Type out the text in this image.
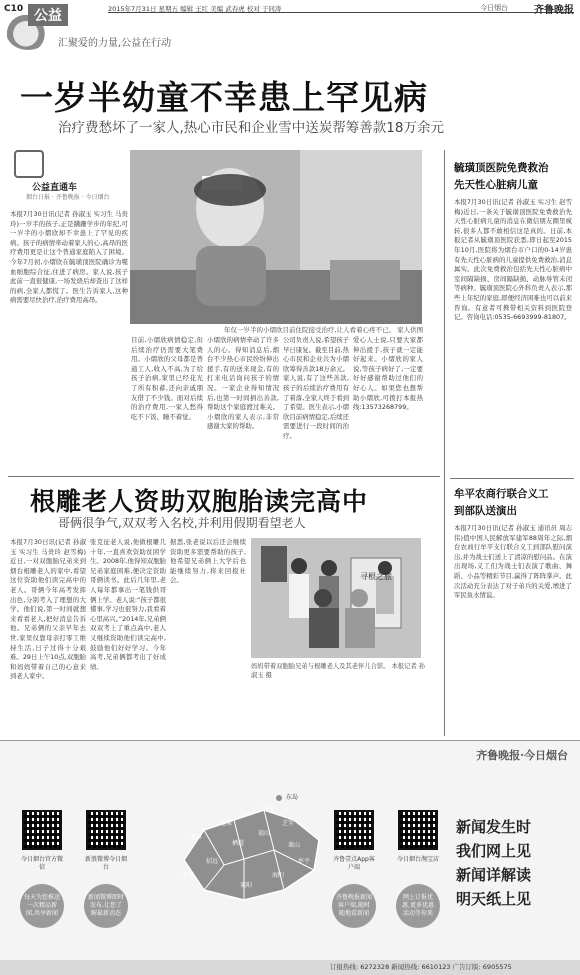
C10 公益	2015年7月31日 星期五 编辑 王红 美编 武春虎 校对 于同涛	今日烟台	齐鲁晚报
汇聚爱的力量,公益在行动
一岁半幼童不幸患上罕见病
治疗费愁坏了一家人,热心市民和企业雪中送炭帮筹善款18万余元
公益直通车
烟台日报 · 齐鲁晚报 · 今日烟台
年仅一岁半的小熠欣目前住院接受治疗,让人看着心疼不已。 家人供图
本报7月30日讯(记者 孙淑玉 实习生 马贵玲)一岁半的孩子,正是蹒跚学步的年纪,可一岁半的小熠欣却不幸患上了罕见的疾病。孩子的病情牵动着家人的心,高昂的医疗费用更是让这个普通家庭陷入了困境。今年7月初,小熠欣在毓璜顶医院确诊为噬血细胞综合征,住进了病房。家人说,孩子此前一直很健康,一场发烧后却查出了这样的病,全家人都慌了。医生告诉家人,这种病需要尽快治疗,治疗费用高昂。
目前,小熠欣病情稳定,但后续治疗仍需要大笔费用。小熠欣的父母都是普通工人,收入不高,为了给孩子治病,家里已经花光了所有积蓄,还向亲戚朋友借了不少钱。面对后续的治疗费用,一家人愁得吃不下饭、睡不着觉。
小熠欣的病情牵动了许多人的心。得知消息后,烟台不少热心市民纷纷伸出援手,有的送来现金,有的打来电话询问孩子的情况。一家企业得知情况后,也第一时间捐出善款,帮助这个家庭渡过难关。小熠欣的家人表示,非常感谢大家的帮助。
公司负责人说,希望孩子早日康复。截至目前,热心市民和企业共为小熠欣筹得善款18万余元。家人说,有了这些善款,孩子的后续治疗费用有了着落,全家人终于看到了希望。医生表示,小熠欣目前病情稳定,后续还需要进行一段时间的治疗。
爱心人士说,只要大家都伸出援手,孩子就一定能好起来。小熠欣的家人说,等孩子病好了,一定要好好感谢帮助过他们的好心人。如果您也想帮助小熠欣,可拨打本报热线:13573268799。
毓璜顶医院免费救治
先天性心脏病儿童
本报7月30日讯(记者 孙淑玉 实习生 赵雪梅)近日,一条关于毓璜顶医院免费救治先天性心脏病儿童的消息在微信朋友圈里疯转,很多人都不敢相信这是真的。日前,本报记者从毓璜顶医院获悉,即日起至2015年10月,医院将为烟台市户口的0-14岁患有先天性心脏病的儿童提供免费救治,消息属实。此次免费救治包括先天性心脏病中室间隔缺损、房间隔缺损、动脉导管未闭等病种。毓璜顶医院心外科负责人表示,那些上年纪的家庭,即便经济困难也可以前来咨询。有意者可携带相关资料到医院登记。咨询电话:0535-6693999-81807。
牟平农商行联合义工
到部队送演出
本报7月30日讯(记者 孙淑玉 通讯员 周志伟)值中国人民解放军建军88周年之际,烟台农商行牟平支行联合义工到部队慰问演出,并为战士们送上了清凉的慰问品。在演出现场,义工们为战士们表演了歌曲、舞蹈、小品等精彩节目,赢得了阵阵掌声。此次活动充分表达了对子弟兵的关爱,增进了军民鱼水情谊。
根雕老人资助双胞胎读完高中
哥俩很争气,双双考入名校,并利用假期看望老人
本报7月30日讯(记者 孙淑玉 实习生 马贵玲 赵雪梅)近日,一对双胞胎兄弟来到烟台根雕老人的家中,看望这位资助他们读完高中的老人。哥俩今年高考发挥出色,分别考入了理想的大学。他们说,第一时间就想来看看老人,把好消息告诉他。兄弟俩的父亲早年去世,家里仅靠母亲打零工维持生活,日子过得十分艰难。29日上午10点,双胞胎和妈妈带着自己的心意来到老人家中。
张克征老人说,他做根雕几十年,一直喜欢资助贫困学生。2008年,他得知双胞胎兄弟家庭困难,便决定资助哥俩读书。此后几年里,老人每年都拿出一笔钱供哥俩上学。老人说:“孩子都很懂事,学习也很努力,我看着心里高兴。”2014年,兄弟俩双双考上了重点高中,老人又继续资助他们读完高中,鼓励他们好好学习。今年高考,兄弟俩都考出了好成绩。
据悉,张老说以后还会继续资助更多需要帮助的孩子,他希望兄弟俩上大学后也能继续努力,将来回报社会。	寻根之旅
妈妈带着双胞胎兄弟与根雕老人及其老伴儿合影。 本报记者 孙淑玉 摄
齐鲁晚报·今日烟台
今日烟台官方微信
新浪微博今日烟台
齐鲁壹点App客户端
今日烟台淘宝店
每天为您推送一次精品新闻,共享新闻
新闻微博即时发布,让您了解最新动态
齐鲁晚报新闻客户端,随时随地看新闻
网上订报优惠,更多优惠活动等你来
东岛
龙口
招远
栖霞
海阳
莱阳
莱州
蓬莱
长岛
福山
芝罘
莱山
牟平
新闻发生时
我们网上见
新闻详解读
明天纸上见
订报热线: 6272328 新闻热线: 6610123 广告订版: 6905575
